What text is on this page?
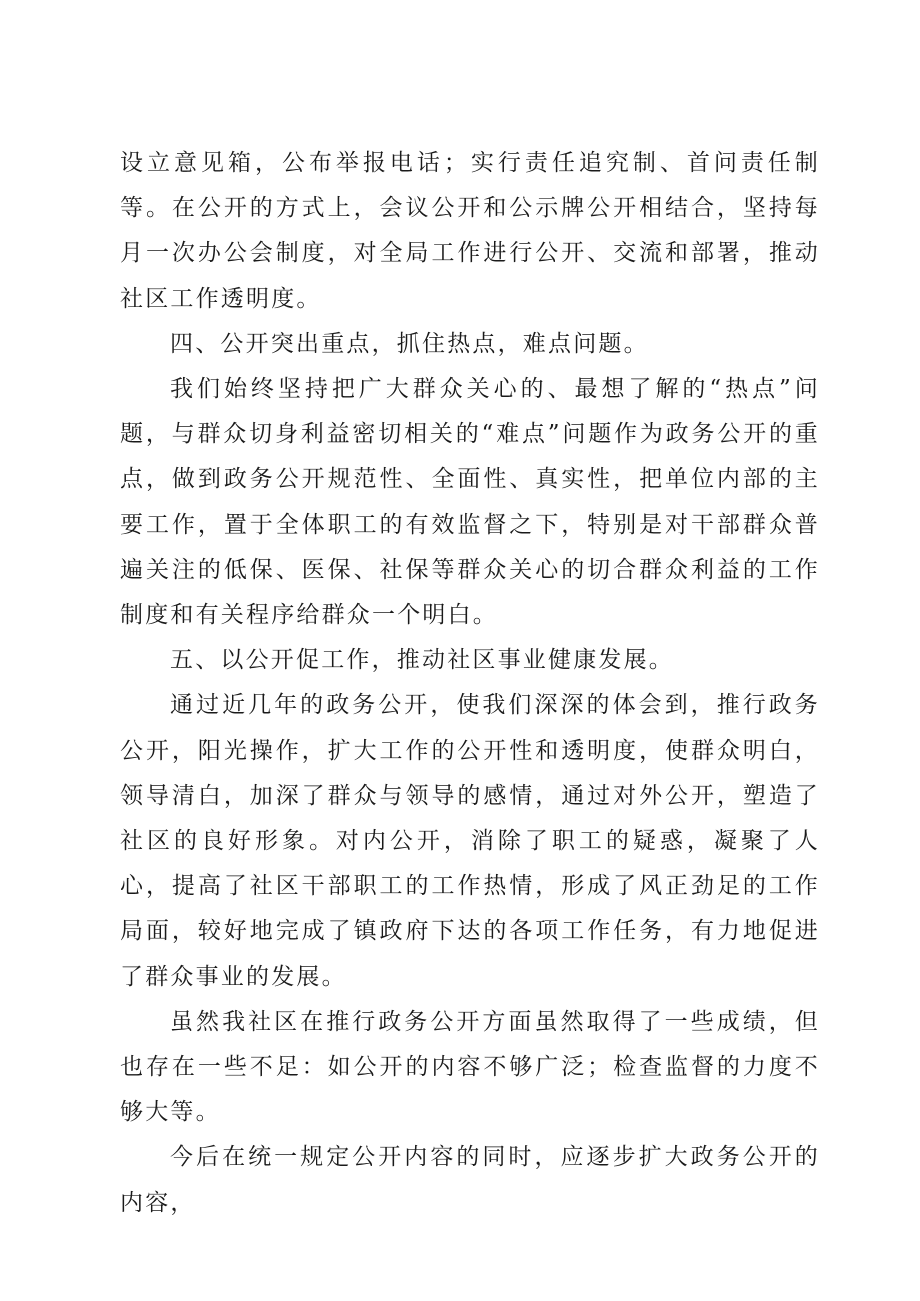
设立意见箱，公布举报电话；实行责任追究制、首问责任制等。在公开的方式上，会议公开和公示牌公开相结合，坚持每月一次办公会制度，对全局工作进行公开、交流和部署，推动社区工作透明度。

四、公开突出重点，抓住热点，难点问题。

我们始终坚持把广大群众关心的、最想了解的“热点”问题，与群众切身利益密切相关的“难点”问题作为政务公开的重点，做到政务公开规范性、全面性、真实性，把单位内部的主要工作，置于全体职工的有效监督之下，特别是对干部群众普遍关注的低保、医保、社保等群众关心的切合群众利益的工作制度和有关程序给群众一个明白。

五、以公开促工作，推动社区事业健康发展。

通过近几年的政务公开，使我们深深的体会到，推行政务公开，阳光操作，扩大工作的公开性和透明度，使群众明白，领导清白，加深了群众与领导的感情，通过对外公开，塑造了社区的良好形象。对内公开，消除了职工的疑惑，凝聚了人心，提高了社区干部职工的工作热情，形成了风正劲足的工作局面，较好地完成了镇政府下达的各项工作任务，有力地促进了群众事业的发展。

虽然我社区在推行政务公开方面虽然取得了一些成绩，但也存在一些不足：如公开的内容不够广泛；检查监督的力度不够大等。

今后在统一规定公开内容的同时，应逐步扩大政务公开的内容，
